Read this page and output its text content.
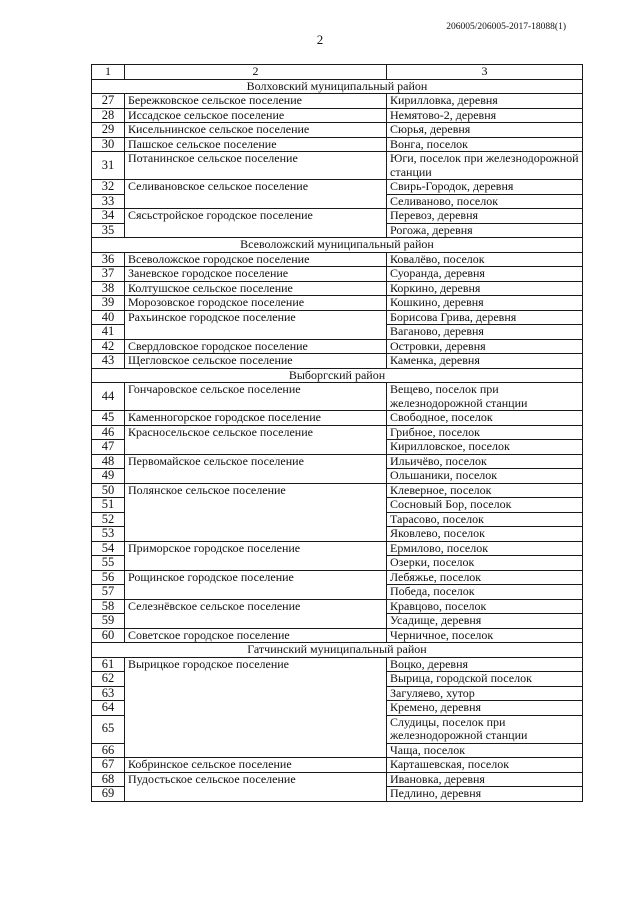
206005/206005-2017-18088(1)
2
1	2	3
Волховский муниципальный район		
27	Бережковское сельское поселение	Кирилловка, деревня
28	Иссадское сельское поселение	Немятово-2, деревня
29	Кисельнинское сельское поселение	Сюрья, деревня
30	Пашское сельское поселение	Вонга, поселок
31	Потанинское сельское поселение	Юги, поселок при железнодорожной станции
32	Селивановское сельское поселение	Свирь-Городок, деревня
33		Селиваново, поселок
34	Сясьстройское городское поселение	Перевоз, деревня
35		Рогожа, деревня
Всеволожский муниципальный район		
36	Всеволожское городское поселение	Ковалёво, поселок
37	Заневское городское поселение	Суоранда, деревня
38	Колтушское сельское поселение	Коркино, деревня
39	Морозовское городское поселение	Кошкино, деревня
40	Рахьинское городское поселение	Борисова Грива, деревня
41		Ваганово, деревня
42	Свердловское городское поселение	Островки, деревня
43	Щегловское сельское поселение	Каменка, деревня
Выборгский район		
44	Гончаровское сельское поселение	Вещево, поселок при железнодорожной станции
45	Каменногорское городское поселение	Свободное, поселок
46	Красносельское сельское поселение	Грибное, поселок
47		Кирилловское, поселок
48	Первомайское сельское поселение	Ильичёво, поселок
49		Ольшаники, поселок
50	Полянское сельское поселение	Клеверное, поселок
51		Сосновый Бор, поселок
52		Тарасово, поселок
53		Яковлево, поселок
54	Приморское городское поселение	Ермилово, поселок
55		Озерки, поселок
56	Рощинское городское поселение	Лебяжье, поселок
57		Победа, поселок
58	Селезнёвское сельское поселение	Кравцово, поселок
59		Усадище, деревня
60	Советское городское поселение	Черничное, поселок
Гатчинский муниципальный район		
61	Вырицкое городское поселение	Воцко, деревня
62		Вырица, городской поселок
63		Загуляево, хутор
64		Кремено, деревня
65		Слудицы, поселок при железнодорожной станции
66		Чаща, поселок
67	Кобринское сельское поселение	Карташевская, поселок
68	Пудостьское сельское поселение	Ивановка, деревня
69		Педлино, деревня
